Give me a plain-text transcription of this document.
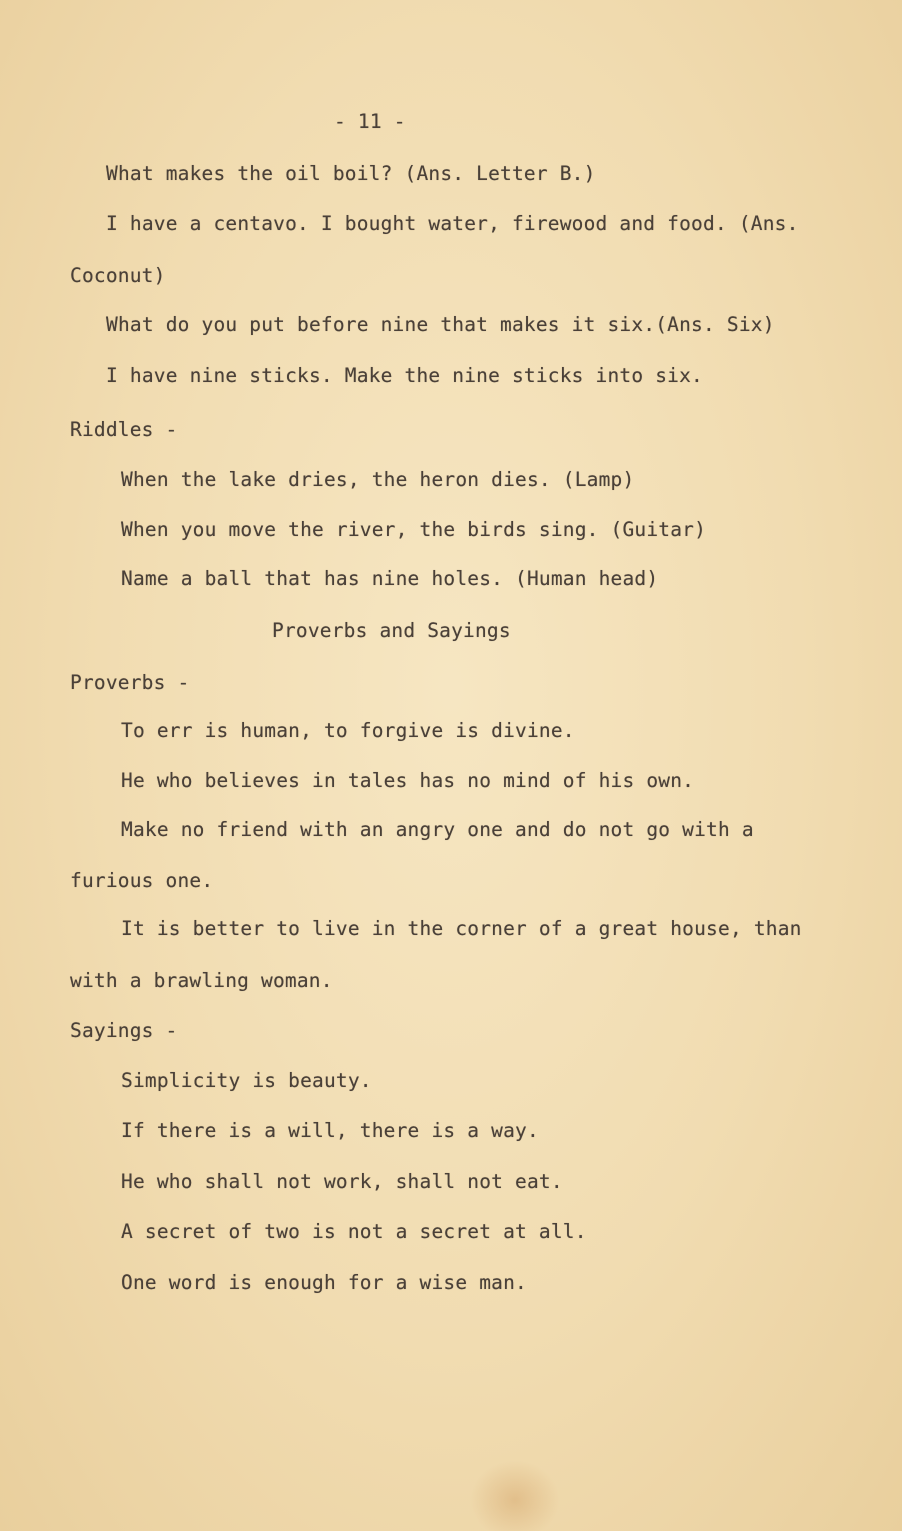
- 11 -
What makes the oil boil? (Ans. Letter B.)
I have a centavo. I bought water, firewood and food. (Ans.
Coconut)
What do you put before nine that makes it six.(Ans. Six)
I have nine sticks. Make the nine sticks into six.
Riddles -
When the lake dries, the heron dies. (Lamp)
When you move the river, the birds sing. (Guitar)
Name a ball that has nine holes. (Human head)
Proverbs and Sayings
Proverbs -
To err is human, to forgive is divine.
He who believes in tales has no mind of his own.
Make no friend with an angry one and do not go with a
furious one.
It is better to live in the corner of a great house, than
with a brawling woman.
Sayings -
Simplicity is beauty.
If there is a will, there is a way.
He who shall not work, shall not eat.
A secret of two is not a secret at all.
One word is enough for a wise man.
